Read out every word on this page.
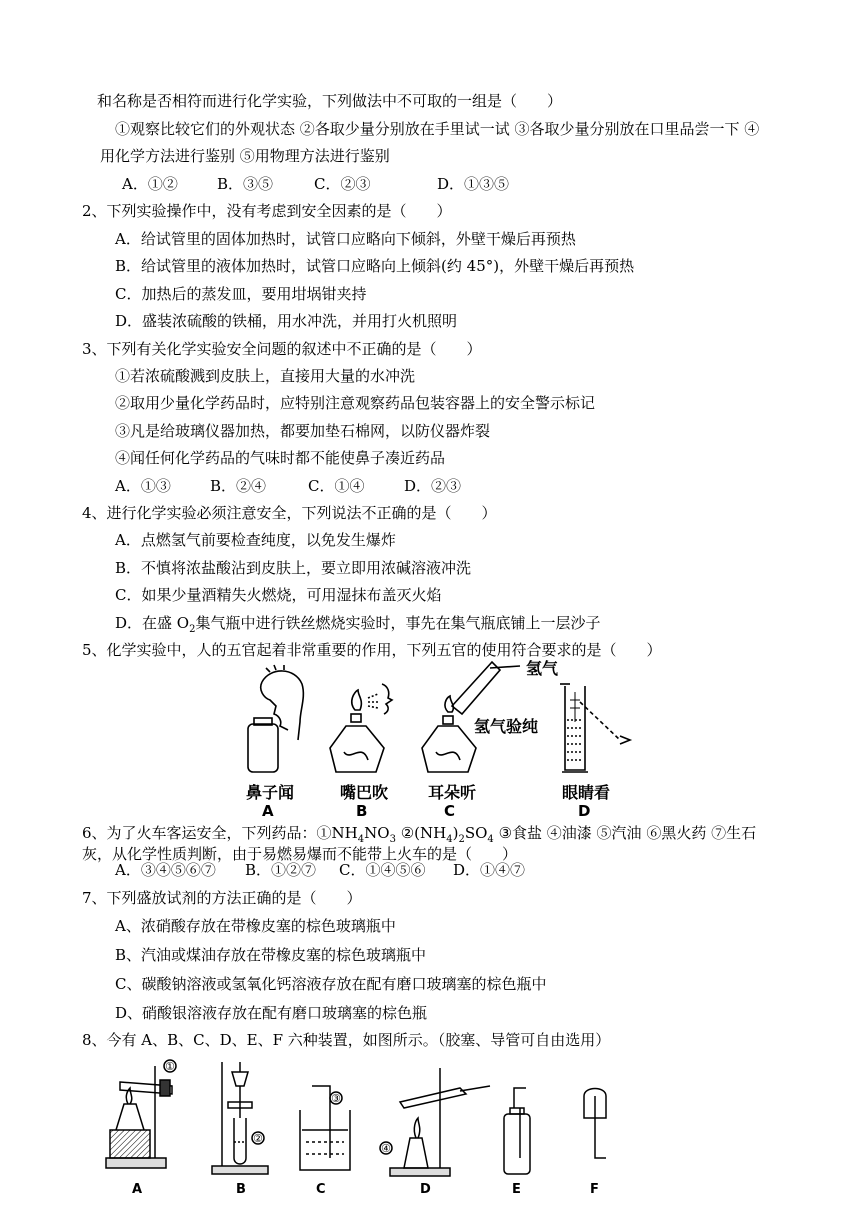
和名称是否相符而进行化学实验，下列做法中不可取的一组是（　　）
①观察比较它们的外观状态 ②各取少量分别放在手里试一试 ③各取少量分别放在口里品尝一下 ④
用化学方法进行鉴别 ⑤用物理方法进行鉴别
A．①②	B．③⑤	C．②③	D．①③⑤
2、下列实验操作中，没有考虑到安全因素的是（　　）
A．给试管里的固体加热时，试管口应略向下倾斜，外壁干燥后再预热
B．给试管里的液体加热时，试管口应略向上倾斜(约 45°)，外壁干燥后再预热
C．加热后的蒸发皿，要用坩埚钳夹持
D．盛装浓硫酸的铁桶，用水冲洗，并用打火机照明
3、下列有关化学实验安全问题的叙述中不正确的是（　　）
①若浓硫酸溅到皮肤上，直接用大量的水冲洗
②取用少量化学药品时，应特别注意观察药品包装容器上的安全警示标记
③凡是给玻璃仪器加热，都要加垫石棉网，以防仪器炸裂
④闻任何化学药品的气味时都不能使鼻子凑近药品
A．①③	B．②④	C．①④	D．②③
4、进行化学实验必须注意安全，下列说法不正确的是（　　）
A．点燃氢气前要检查纯度，以免发生爆炸
B．不慎将浓盐酸沾到皮肤上，要立即用浓碱溶液冲洗
C．如果少量酒精失火燃烧，可用湿抹布盖灭火焰
D．在盛 $O_2$集气瓶中进行铁丝燃烧实验时，事先在集气瓶底铺上一层沙子
5、化学实验中，人的五官起着非常重要的作用，下列五官的使用符合要求的是（　　）
氢气
氢气验纯
鼻子闻	嘴巴吹 耳朵听	眼睛看
A	B	C	D
6、为了火车客运安全，下列药品：$①NH_4NO_3$ $②(NH_4)_2SO_4$ ③食盐 ④油漆 ⑤汽油 ⑥黑火药 ⑦生石
灰，从化学性质判断，由于易燃易爆而不能带上火车的是（　　）
A．③④⑤⑥⑦ B．①②⑦ C．①④⑤⑥ D．①④⑦
7、下列盛放试剂的方法正确的是（　　）
A、浓硝酸存放在带橡皮塞的棕色玻璃瓶中
B、汽油或煤油存放在带橡皮塞的棕色玻璃瓶中
C、碳酸钠溶液或氢氧化钙溶液存放在配有磨口玻璃塞的棕色瓶中
D、硝酸银溶液存放在配有磨口玻璃塞的棕色瓶
8、今有 A、B、C、D、E、F 六种装置，如图所示。（胶塞、导管可自由选用）
①
②
③
④
A	B	C	D	E	F
